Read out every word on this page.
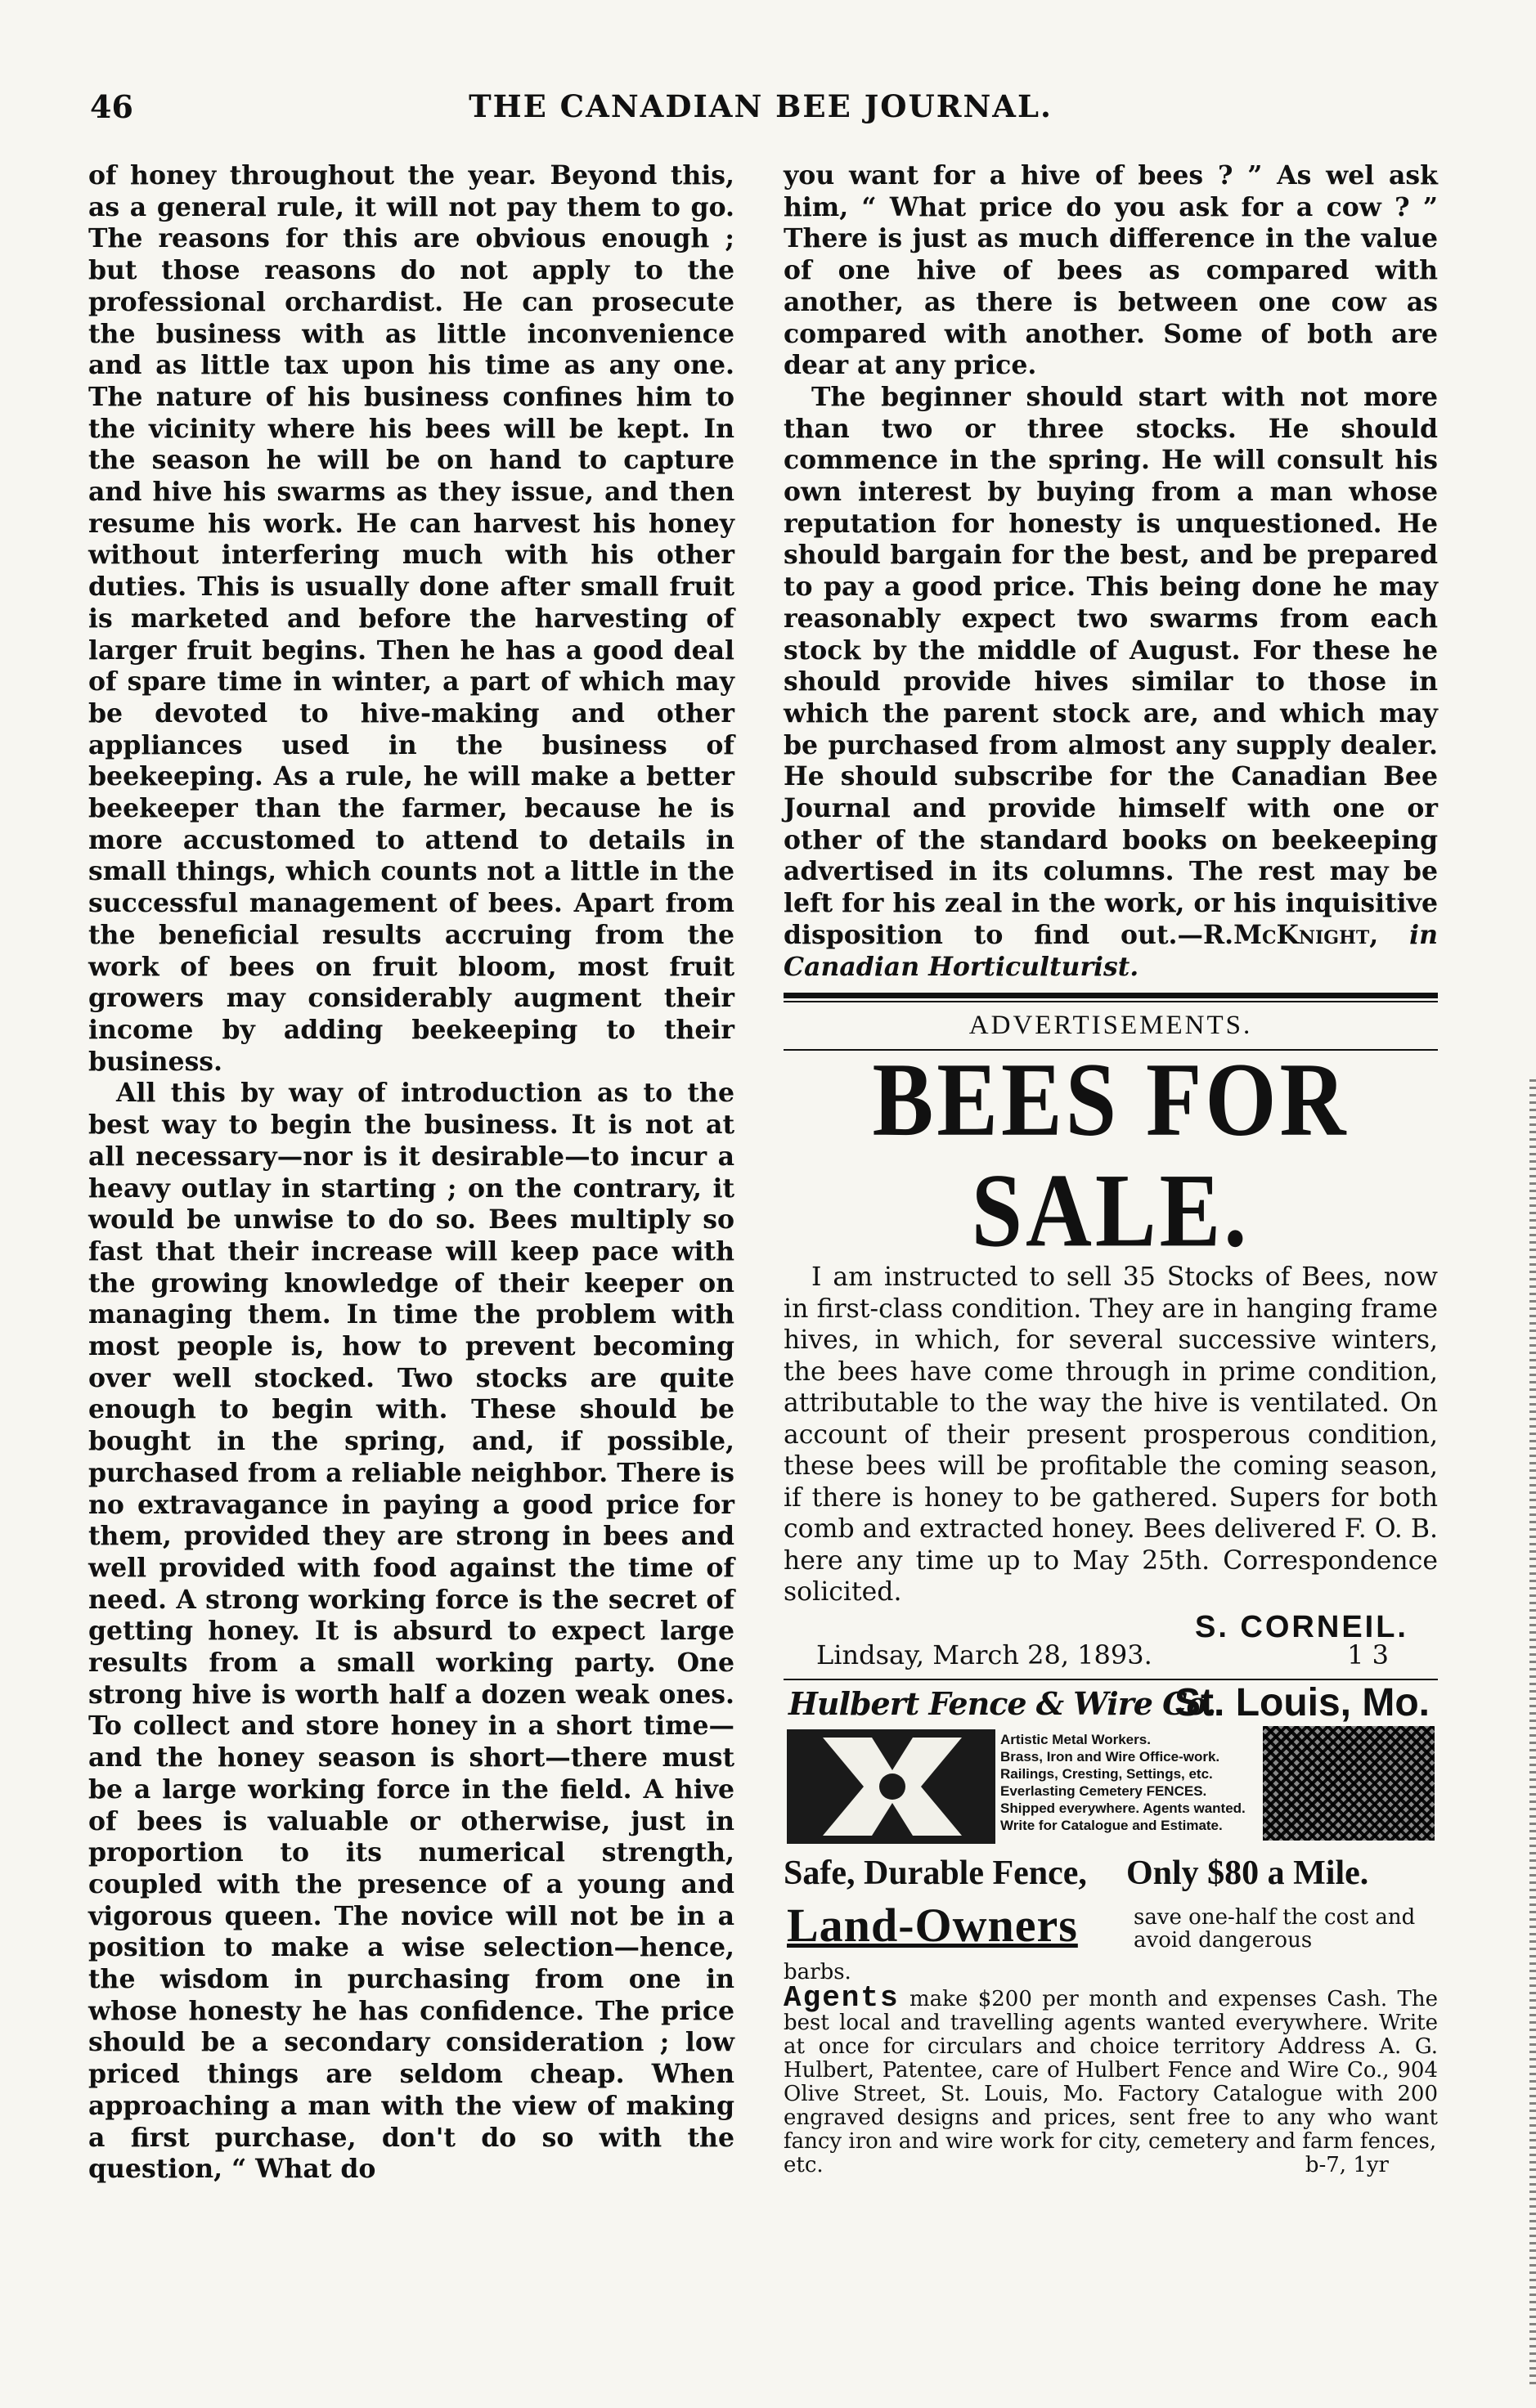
46	THE CANADIAN BEE JOURNAL.

of honey throughout the year. Beyond this, as a general rule, it will not pay them to go. The reasons for this are obvious enough ; but those reasons do not apply to the professional orchardist. He can prosecute the business with as little inconvenience and as little tax upon his time as any one. The nature of his business confines him to the vicinity where his bees will be kept. In the season he will be on hand to capture and hive his swarms as they issue, and then resume his work. He can harvest his honey without interfering much with his other duties. This is usually done after small fruit is marketed and before the harvesting of larger fruit begins. Then he has a good deal of spare time in winter, a part of which may be devoted to hive-making and other appliances used in the business of beekeeping. As a rule, he will make a better beekeeper than the farmer, because he is more accustomed to attend to details in small things, which counts not a little in the successful management of bees. Apart from the beneficial results accruing from the work of bees on fruit bloom, most fruit growers may considerably augment their income by adding beekeeping to their business.

All this by way of introduction as to the best way to begin the business. It is not at all necessary—nor is it desirable—to incur a heavy outlay in starting ; on the contrary, it would be unwise to do so. Bees multiply so fast that their increase will keep pace with the growing knowledge of their keeper on managing them. In time the problem with most people is, how to prevent becoming over well stocked. Two stocks are quite enough to begin with. These should be bought in the spring, and, if possible, purchased from a reliable neighbor. There is no extravagance in paying a good price for them, provided they are strong in bees and well provided with food against the time of need. A strong working force is the secret of getting honey. It is absurd to expect large results from a small working party. One strong hive is worth half a dozen weak ones. To collect and store honey in a short time—and the honey season is short—there must be a large working force in the field. A hive of bees is valuable or otherwise, just in proportion to its numerical strength, coupled with the presence of a young and vigorous queen. The novice will not be in a position to make a wise selection—hence, the wisdom in purchasing from one in whose honesty he has confidence. The price should be a secondary consideration ; low priced things are seldom cheap. When approaching a man with the view of making a first purchase, don't do so with the question, “ What do

you want for a hive of bees ? ” As wel ask him, “ What price do you ask for a cow ? ” There is just as much difference in the value of one hive of bees as compared with another, as there is between one cow as compared with another. Some of both are dear at any price.

The beginner should start with not more than two or three stocks. He should commence in the spring. He will consult his own interest by buying from a man whose reputation for honesty is unquestioned. He should bargain for the best, and be prepared to pay a good price. This being done he may reasonably expect two swarms from each stock by the middle of August. For these he should provide hives similar to those in which the parent stock are, and which may be purchased from almost any supply dealer. He should subscribe for the Canadian Bee Journal and provide himself with one or other of the standard books on beekeeping advertised in its columns. The rest may be left for his zeal in the work, or his inquisitive disposition to find out.—R.McKnight, in Canadian Horticulturist.

ADVERTISEMENTS.
BEES FOR SALE.

I am instructed to sell 35 Stocks of Bees, now in first-class condition. They are in hanging frame hives, in which, for several successive winters, the bees have come through in prime condition, attributable to the way the hive is ventilated. On account of their present prosperous condition, these bees will be profitable the coming season, if there is honey to be gathered. Supers for both comb and extracted honey. Bees delivered F. O. B. here any time up to May 25th. Correspondence solicited.

S. CORNEIL.
Lindsay, March 28, 1893.	1 3
Hulbert Fence & Wire Co.
St. Louis, Mo.
Artistic Metal Workers.
Brass, Iron and Wire Office-work.
Railings, Cresting, Settings, etc.
Everlasting Cemetery FENCES.
Shipped everywhere. Agents wanted.
Write for Catalogue and Estimate.
Safe, Durable Fence, Only $80 a Mile.
Land-Owners	save one-half the cost and avoid dangerous
barbs.
Agents make $200 per month and expenses Cash. The best local and travelling agents wanted everywhere. Write at once for circulars and choice territory Address A. G. Hulbert, Patentee, care of Hulbert Fence and Wire Co., 904 Olive Street, St. Louis, Mo. Factory Catalogue with 200 engraved designs and prices, sent free to any who want fancy iron and wire work for city, cemetery and farm fences,
etc.	b-7, 1yr
